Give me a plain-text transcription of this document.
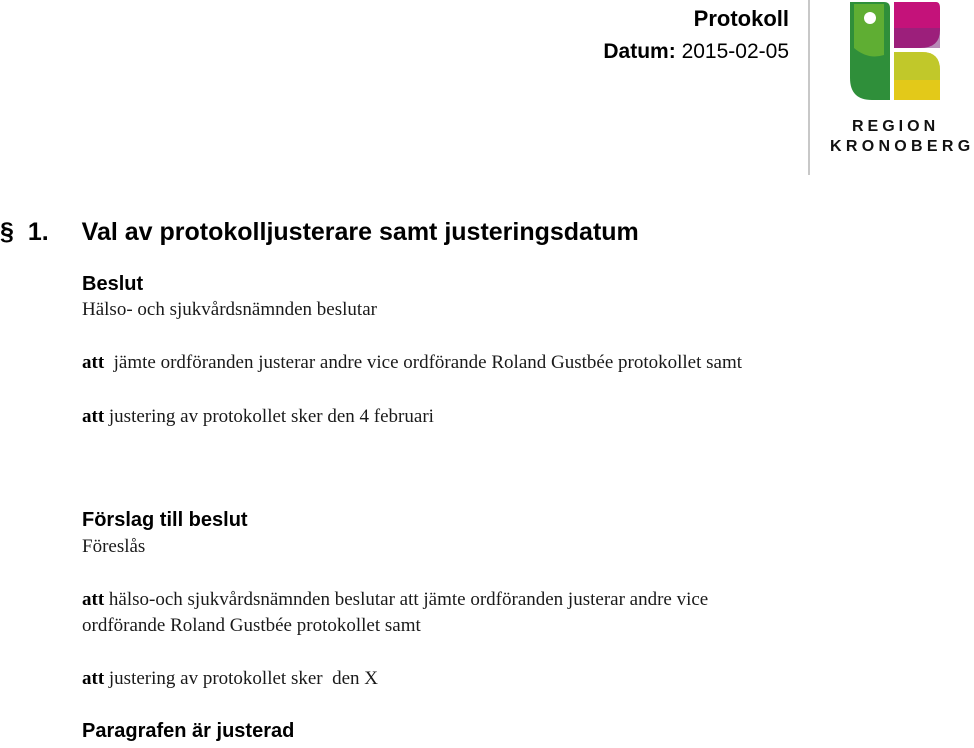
Protokoll
Datum: 2015-02-05
REGION
KRONOBERG
§ 1. Val av protokolljusterare samt justeringsdatum
Beslut
Hälso- och sjukvårdsnämnden beslutar
att jämte ordföranden justerar andre vice ordförande Roland Gustbée protokollet samt
att justering av protokollet sker den 4 februari
Förslag till beslut
Föreslås
att hälso-och sjukvårdsnämnden beslutar att jämte ordföranden justerar andre vice
ordförande Roland Gustbée protokollet samt
att justering av protokollet sker  den X
Paragrafen är justerad
